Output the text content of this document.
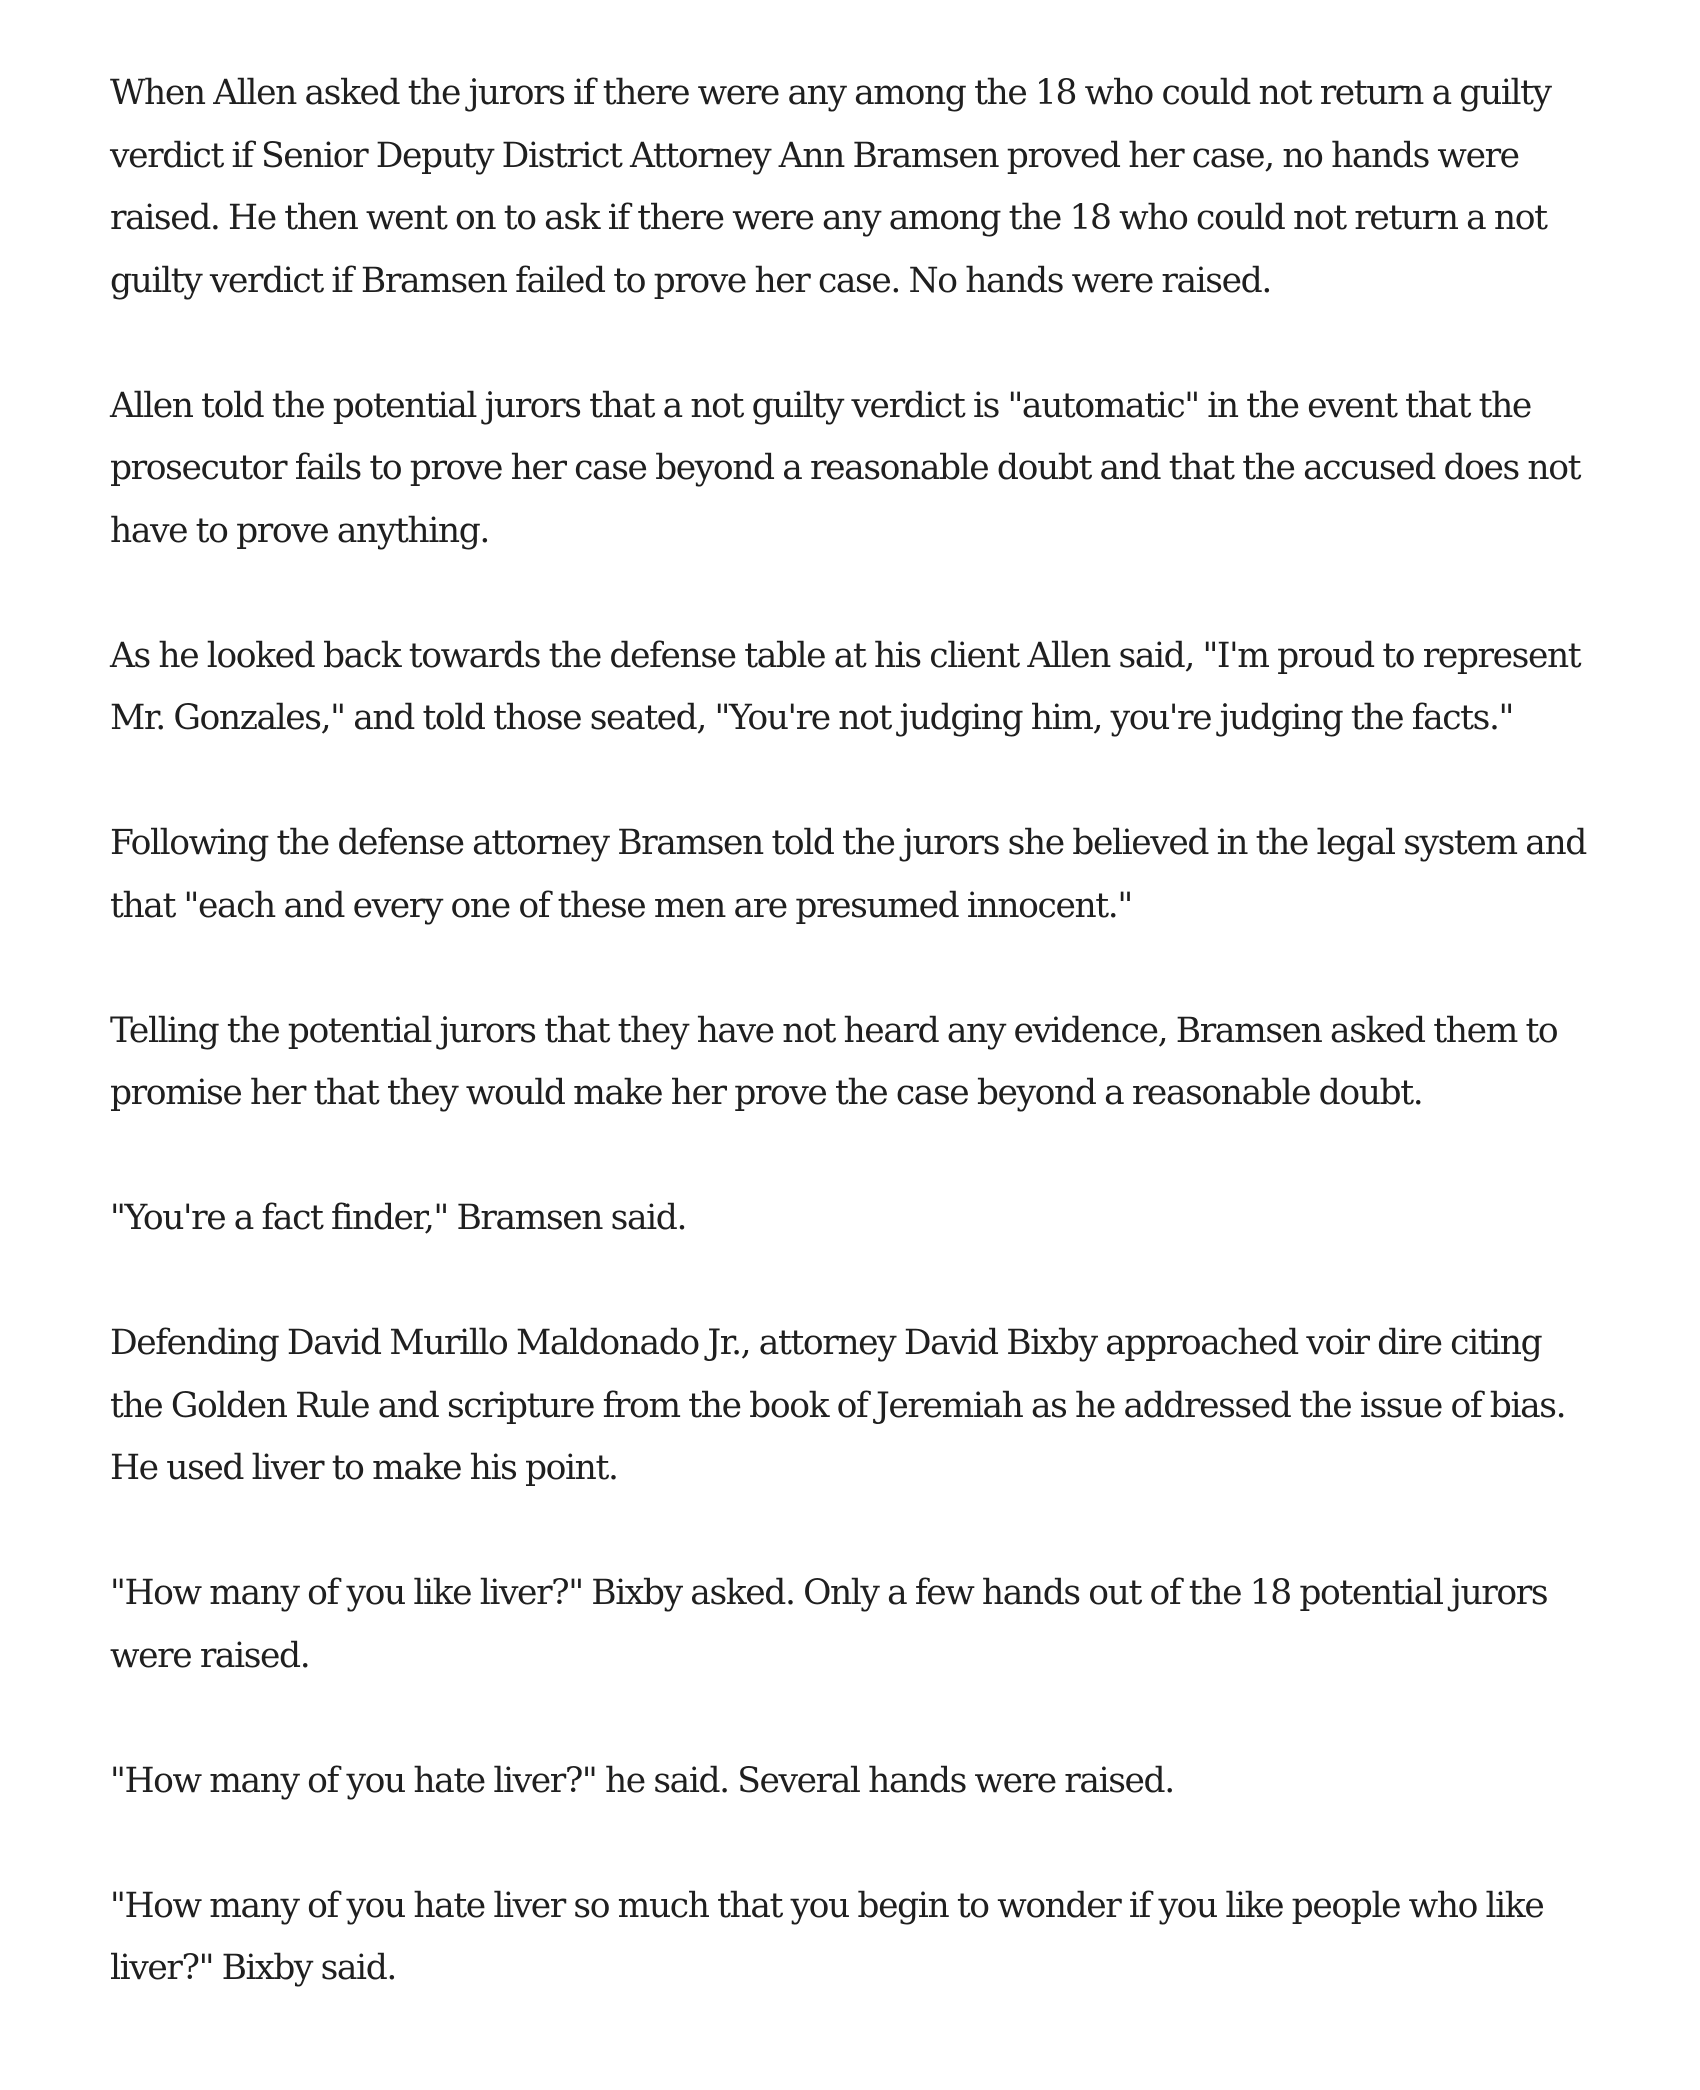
When Allen asked the jurors if there were any among the 18 who could not return a guilty verdict if Senior Deputy District Attorney Ann Bramsen proved her case, no hands were raised. He then went on to ask if there were any among the 18 who could not return a not guilty verdict if Bramsen failed to prove her case. No hands were raised.

Allen told the potential jurors that a not guilty verdict is "automatic" in the event that the prosecutor fails to prove her case beyond a reasonable doubt and that the accused does not have to prove anything.

As he looked back towards the defense table at his client Allen said, "I'm proud to represent Mr. Gonzales," and told those seated, "You're not judging him, you're judging the facts."

Following the defense attorney Bramsen told the jurors she believed in the legal system and that "each and every one of these men are presumed innocent."

Telling the potential jurors that they have not heard any evidence, Bramsen asked them to promise her that they would make her prove the case beyond a reasonable doubt.

"You're a fact finder," Bramsen said.

Defending David Murillo Maldonado Jr., attorney David Bixby approached voir dire citing the Golden Rule and scripture from the book of Jeremiah as he addressed the issue of bias. He used liver to make his point.

"How many of you like liver?" Bixby asked. Only a few hands out of the 18 potential jurors were raised.

"How many of you hate liver?" he said. Several hands were raised.

"How many of you hate liver so much that you begin to wonder if you like people who like liver?" Bixby said.
